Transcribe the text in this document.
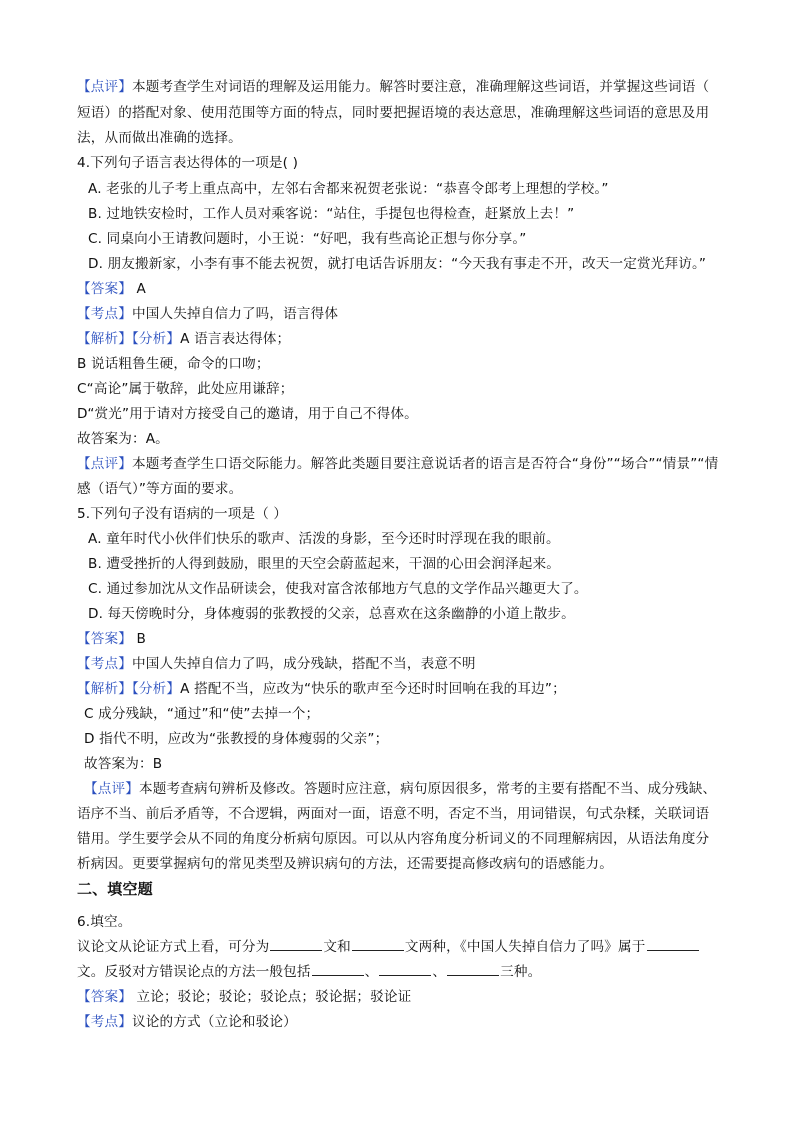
【点评】本题考查学生对词语的理解及运用能力。解答时要注意，准确理解这些词语，并掌握这些词语（
短语）的搭配对象、使用范围等方面的特点，同时要把握语境的表达意思，准确理解这些词语的意思及用
法，从而做出准确的选择。
4.下列句子语言表达得体的一项是( )
A. 老张的儿子考上重点高中，左邻右舍都来祝贺老张说：“恭喜令郎考上理想的学校。”
B. 过地铁安检时，工作人员对乘客说：“站住，手提包也得检查，赶紧放上去！”
C. 同桌向小王请教问题时，小王说：“好吧，我有些高论正想与你分享。”
D. 朋友搬新家，小李有事不能去祝贺，就打电话告诉朋友：“今天我有事走不开，改天一定赏光拜访。”
【答案】 A
【考点】中国人失掉自信力了吗，语言得体
【解析】【分析】A 语言表达得体；
B 说话粗鲁生硬，命令的口吻；
C“高论”属于敬辞，此处应用谦辞；
D“赏光”用于请对方接受自己的邀请，用于自己不得体。
故答案为：A。
【点评】本题考查学生口语交际能力。解答此类题目要注意说话者的语言是否符合“身份”“场合”“情景”“情
感（语气）”等方面的要求。
5.下列句子没有语病的一项是（ ）
A. 童年时代小伙伴们快乐的歌声、活泼的身影，至今还时时浮现在我的眼前。
B. 遭受挫折的人得到鼓励，眼里的天空会蔚蓝起来，干涸的心田会润泽起来。
C. 通过参加沈从文作品研读会，使我对富含浓郁地方气息的文学作品兴趣更大了。
D. 每天傍晚时分，身体瘦弱的张教授的父亲，总喜欢在这条幽静的小道上散步。
【答案】 B
【考点】中国人失掉自信力了吗，成分残缺，搭配不当，表意不明
【解析】【分析】A 搭配不当，应改为“快乐的歌声至今还时时回响在我的耳边”；
C 成分残缺，“通过”和“使”去掉一个；
D 指代不明，应改为“张教授的身体瘦弱的父亲”；
故答案为：B
【点评】本题考查病句辨析及修改。答题时应注意，病句原因很多，常考的主要有搭配不当、成分残缺、
语序不当、前后矛盾等，不合逻辑，两面对一面，语意不明，否定不当，用词错误，句式杂糅，关联词语
错用。学生要学会从不同的角度分析病句原因。可以从内容角度分析词义的不同理解病因，从语法角度分
析病因。更要掌握病句的常见类型及辨识病句的方法，还需要提高修改病句的语感能力。
二、填空题
6.填空。
议论文从论证方式上看，可分为	文和	文两种，《中国人失掉自信力了吗》属于
文。反驳对方错误论点的方法一般包括	、	、	三种。
【答案】 立论；驳论；驳论；驳论点；驳论据；驳论证
【考点】议论的方式（立论和驳论）
